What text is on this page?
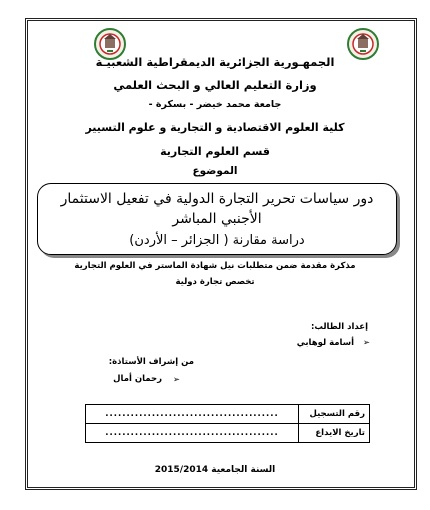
الجمهـورية الجزائرية الديمقراطية الشعبيـة
وزارة التعليم العالي و البحث العلمي
جامعة محمد خيضر - بسكرة -
كلية العلوم الاقتصادية و التجارية و علوم التسيير
قسم العلوم التجارية
الموضوع
دور سياسات تحرير التجارة الدولية في تفعيل الاستثمار الأجنبي المباشر
دراسة مقارنة ( الجزائر – الأردن)
مذكرة مقدمة ضمن متطلبات نيل شهادة الماستر في العلوم التجارية
تخصص تجارة دولية
إعداد الطالب:
➢
أسامة لوهابي
من إشراف الأستاذة:
➢
رحمان أمال
.........................................	رقم التسجيل
.........................................	تاريخ الايداع
السنة الجامعية 2015/2014
